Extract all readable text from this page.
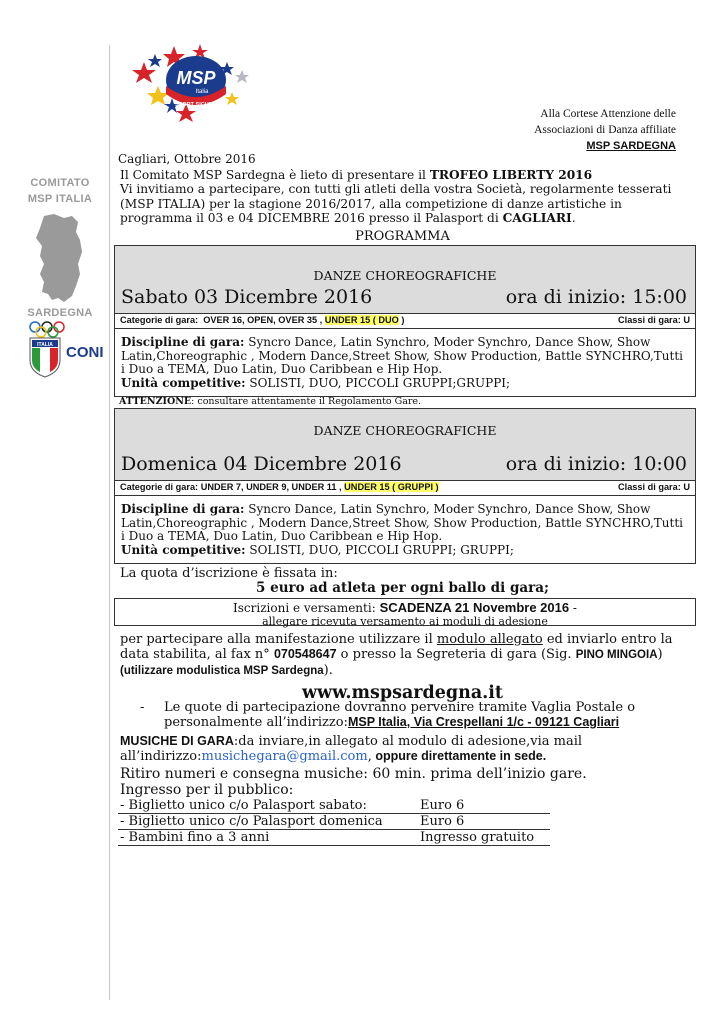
MSP
Italia
SPORT SICURO
COMITATO
MSP ITALIA
SARDEGNA
ITALIA CONI
Alla Cortese Attenzione delle
Associazioni di Danza affiliate
MSP SARDEGNA
Cagliari, Ottobre 2016

Il Comitato MSP Sardegna è lieto di presentare il TROFEO LIBERTY 2016

Vi invitiamo a partecipare, con tutti gli atleti della vostra Società, regolarmente tesserati (MSP ITALIA) per la stagione 2016/2017, alla competizione di danze artistiche in programma il 03 e 04 DICEMBRE 2016 presso il Palasport di CAGLIARI.

PROGRAMMA
DANZE CHOREOGRAFICHE
Sabato 03 Dicembre 2016	ora di inizio: 15:00
Categorie di gara: OVER 16, OPEN, OVER 35 , UNDER 15 ( DUO )	Classi di gara: U
Discipline di gara: Syncro Dance, Latin Synchro, Moder Synchro, Dance Show, Show Latin,Choreographic , Modern Dance,Street Show, Show Production, Battle SYNCHRO,Tutti i Duo a TEMA, Duo Latin, Duo Caribbean e Hip Hop.
Unità competitive: SOLISTI, DUO, PICCOLI GRUPPI;GRUPPI;
ATTENZIONE: consultare attentamente il Regolamento Gare.
DANZE CHOREOGRAFICHE
Domenica 04 Dicembre 2016	ora di inizio: 10:00
Categorie di gara: UNDER 7, UNDER 9, UNDER 11 , UNDER 15 ( GRUPPI )	Classi di gara: U
Discipline di gara: Syncro Dance, Latin Synchro, Moder Synchro, Dance Show, Show Latin,Choreographic , Modern Dance,Street Show, Show Production, Battle SYNCHRO,Tutti i Duo a TEMA, Duo Latin, Duo Caribbean e Hip Hop.
Unità competitive: SOLISTI, DUO, PICCOLI GRUPPI; GRUPPI;
La quota d’iscrizione è fissata in:
5 euro ad atleta per ogni ballo di gara;
Iscrizioni e versamenti: SCADENZA 21 Novembre 2016 -
allegare ricevuta versamento ai moduli di adesione
per partecipare alla manifestazione utilizzare il modulo allegato ed inviarlo entro la data stabilita, al fax n° 070548647 o presso la Segreteria di gara (Sig. PINO MINGOIA) (utilizzare modulistica MSP Sardegna).
www.mspsardegna.it
- Le quote di partecipazione dovranno pervenire tramite Vaglia Postale o personalmente all’indirizzo:MSP Italia, Via Crespellani 1/c - 09121 Cagliari
MUSICHE DI GARA:da inviare,in allegato al modulo di adesione,via mail all’indirizzo:musichegara@gmail.com, oppure direttamente in sede.
Ritiro numeri e consegna musiche: 60 min. prima dell’inizio gare.
Ingresso per il pubblico:
- Biglietto unico c/o Palasport sabato:	Euro 6
- Biglietto unico c/o Palasport domenica	Euro 6
- Bambini fino a 3 anni	Ingresso gratuito
